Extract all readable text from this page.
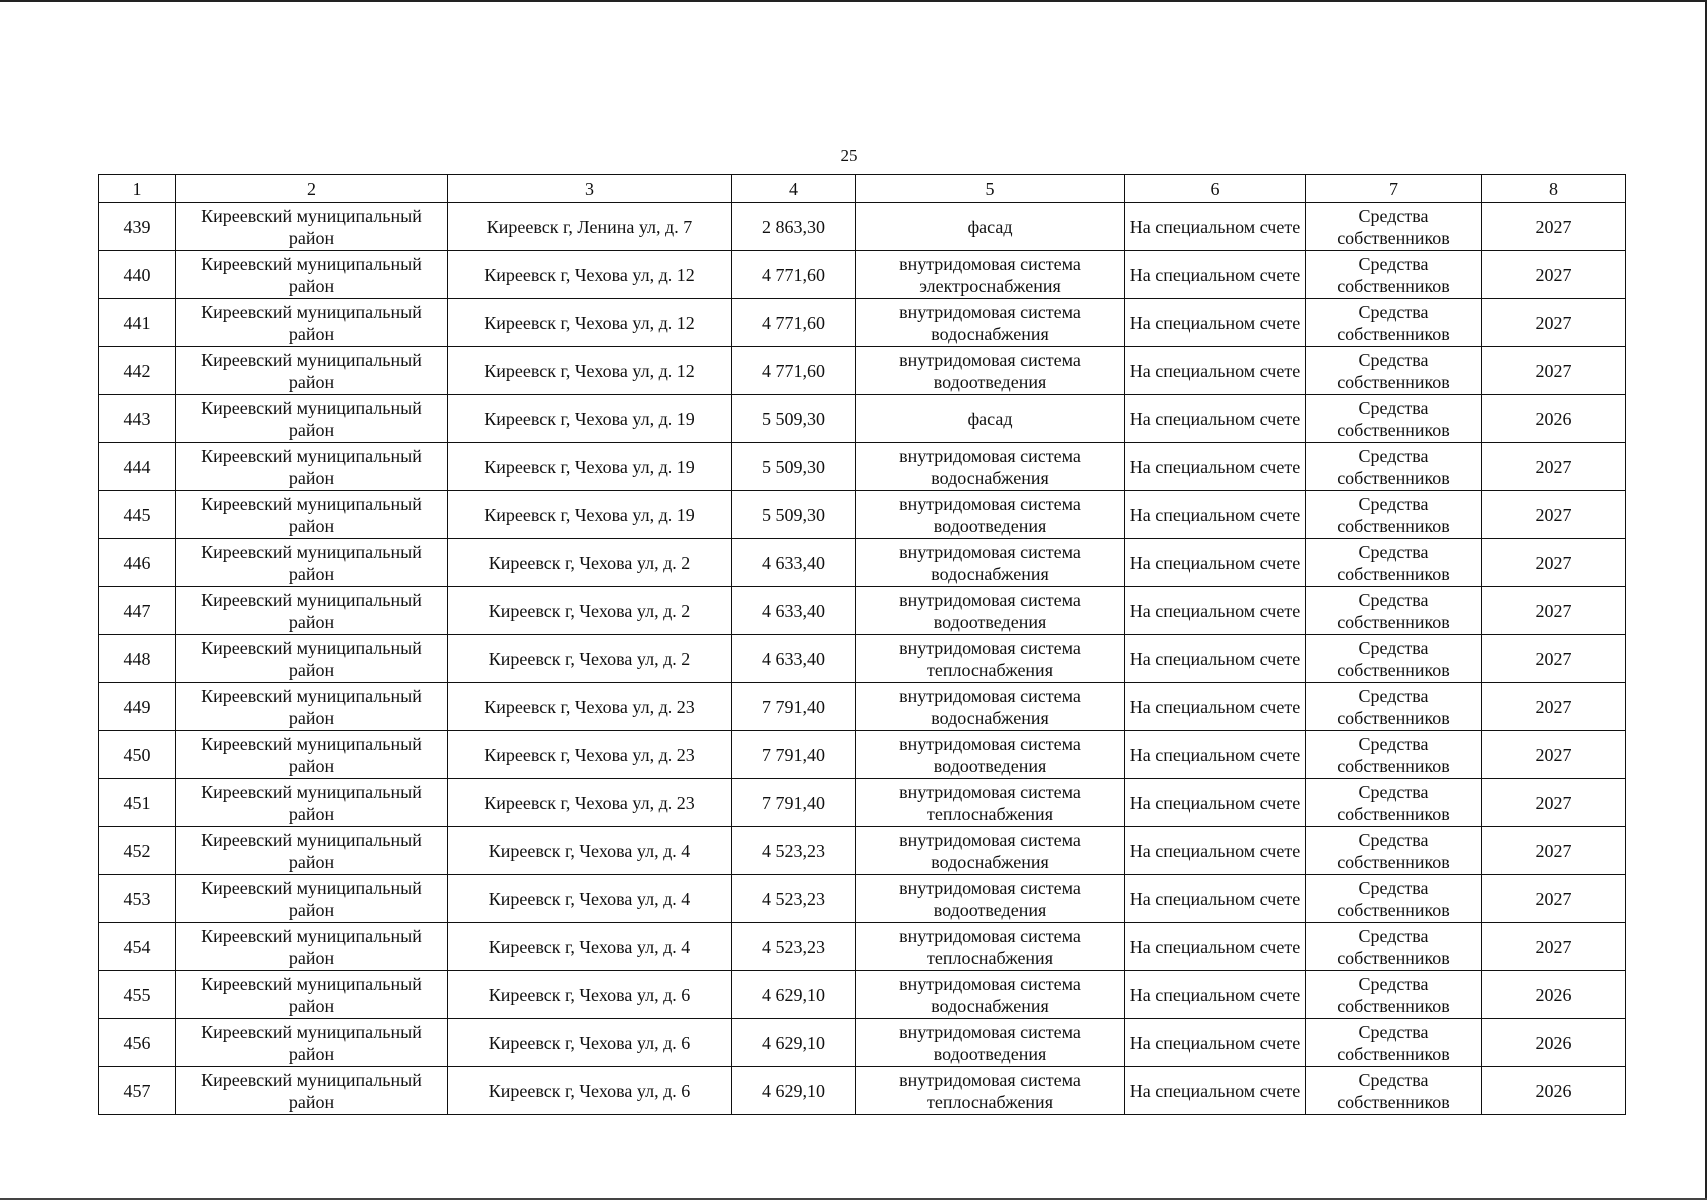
25
1	2	3	4	5	6	7	8
439	Киреевский муниципальный район	Киреевск г, Ленина ул, д. 7	2 863,30	фасад	На специальном счете	Средства собственников	2027
440	Киреевский муниципальный район	Киреевск г, Чехова ул, д. 12	4 771,60	внутридомовая система электроснабжения	На специальном счете	Средства собственников	2027
441	Киреевский муниципальный район	Киреевск г, Чехова ул, д. 12	4 771,60	внутридомовая система водоснабжения	На специальном счете	Средства собственников	2027
442	Киреевский муниципальный район	Киреевск г, Чехова ул, д. 12	4 771,60	внутридомовая система водоотведения	На специальном счете	Средства собственников	2027
443	Киреевский муниципальный район	Киреевск г, Чехова ул, д. 19	5 509,30	фасад	На специальном счете	Средства собственников	2026
444	Киреевский муниципальный район	Киреевск г, Чехова ул, д. 19	5 509,30	внутридомовая система водоснабжения	На специальном счете	Средства собственников	2027
445	Киреевский муниципальный район	Киреевск г, Чехова ул, д. 19	5 509,30	внутридомовая система водоотведения	На специальном счете	Средства собственников	2027
446	Киреевский муниципальный район	Киреевск г, Чехова ул, д. 2	4 633,40	внутридомовая система водоснабжения	На специальном счете	Средства собственников	2027
447	Киреевский муниципальный район	Киреевск г, Чехова ул, д. 2	4 633,40	внутридомовая система водоотведения	На специальном счете	Средства собственников	2027
448	Киреевский муниципальный район	Киреевск г, Чехова ул, д. 2	4 633,40	внутридомовая система теплоснабжения	На специальном счете	Средства собственников	2027
449	Киреевский муниципальный район	Киреевск г, Чехова ул, д. 23	7 791,40	внутридомовая система водоснабжения	На специальном счете	Средства собственников	2027
450	Киреевский муниципальный район	Киреевск г, Чехова ул, д. 23	7 791,40	внутридомовая система водоотведения	На специальном счете	Средства собственников	2027
451	Киреевский муниципальный район	Киреевск г, Чехова ул, д. 23	7 791,40	внутридомовая система теплоснабжения	На специальном счете	Средства собственников	2027
452	Киреевский муниципальный район	Киреевск г, Чехова ул, д. 4	4 523,23	внутридомовая система водоснабжения	На специальном счете	Средства собственников	2027
453	Киреевский муниципальный район	Киреевск г, Чехова ул, д. 4	4 523,23	внутридомовая система водоотведения	На специальном счете	Средства собственников	2027
454	Киреевский муниципальный район	Киреевск г, Чехова ул, д. 4	4 523,23	внутридомовая система теплоснабжения	На специальном счете	Средства собственников	2027
455	Киреевский муниципальный район	Киреевск г, Чехова ул, д. 6	4 629,10	внутридомовая система водоснабжения	На специальном счете	Средства собственников	2026
456	Киреевский муниципальный район	Киреевск г, Чехова ул, д. 6	4 629,10	внутридомовая система водоотведения	На специальном счете	Средства собственников	2026
457	Киреевский муниципальный район	Киреевск г, Чехова ул, д. 6	4 629,10	внутридомовая система теплоснабжения	На специальном счете	Средства собственников	2026
